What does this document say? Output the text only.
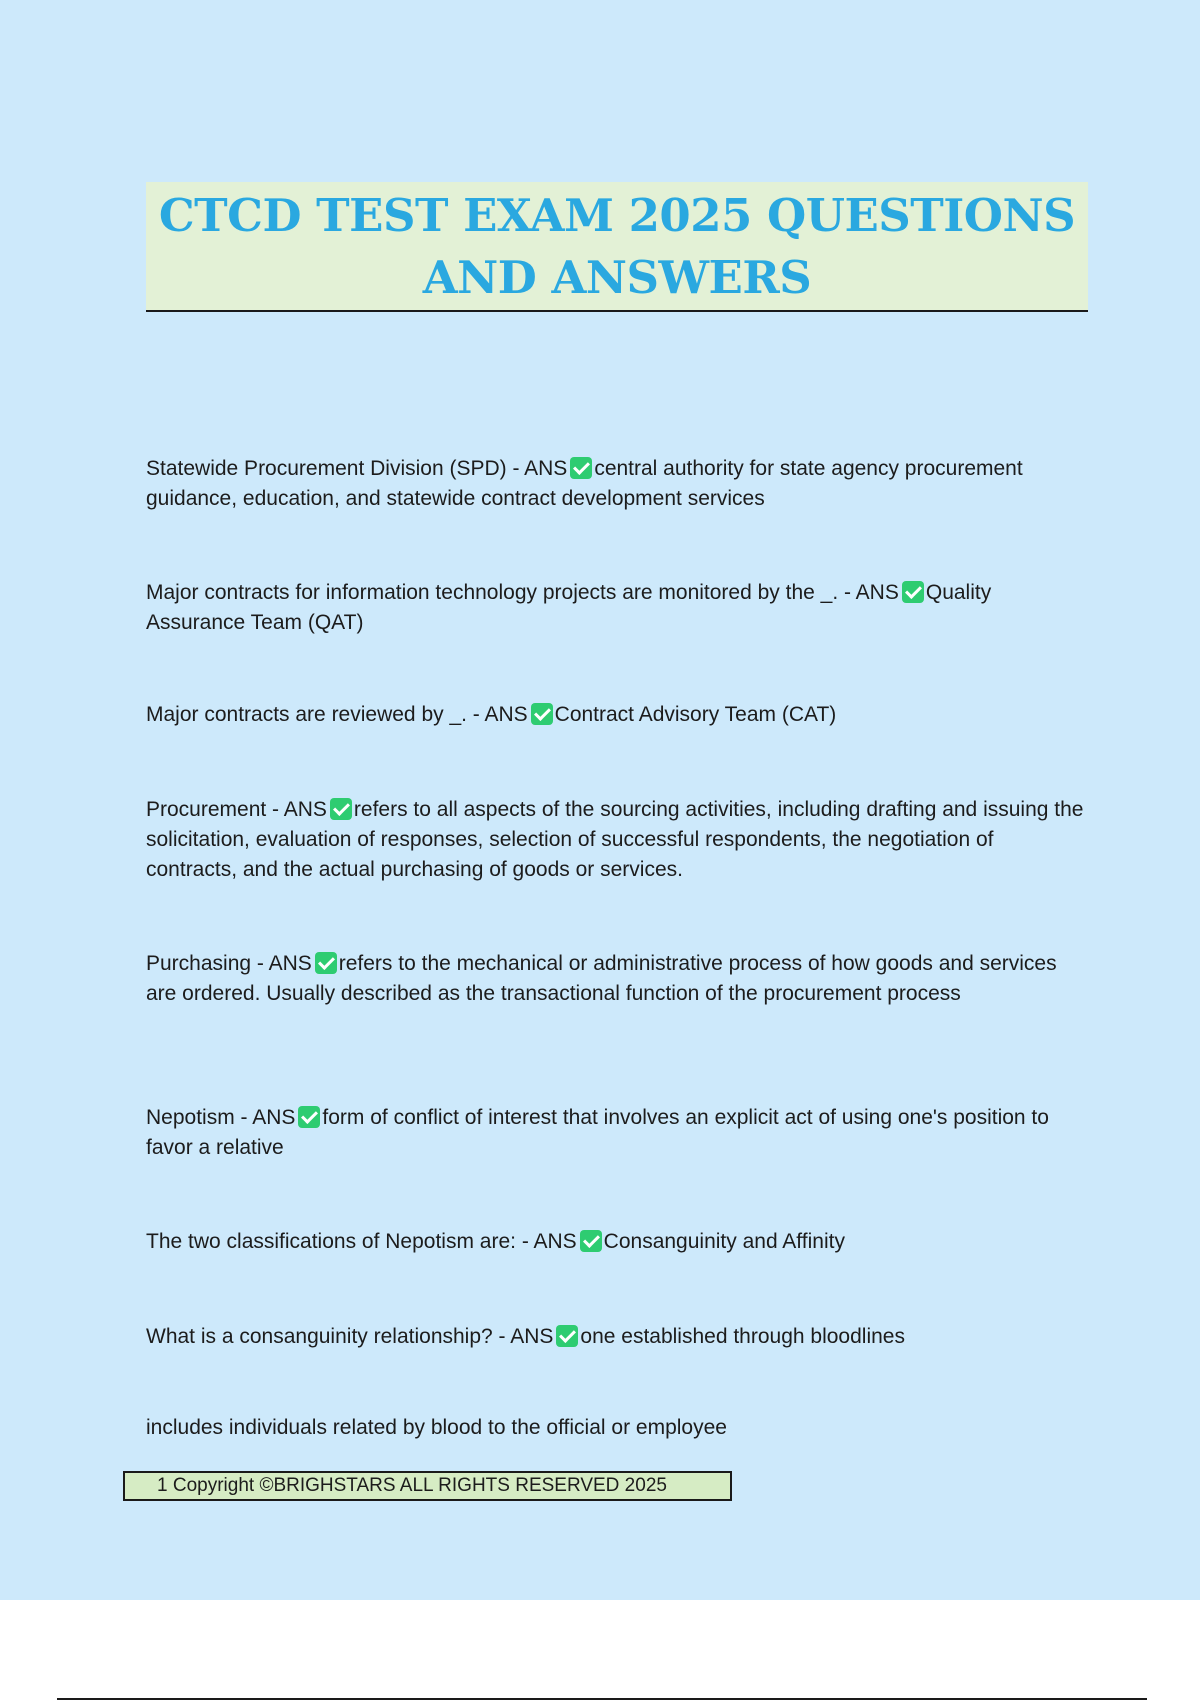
CTCD TEST EXAM 2025 QUESTIONS
AND ANSWERS
Statewide Procurement Division (SPD) - ANS central authority for state agency procurement guidance, education, and statewide contract development services
Major contracts for information technology projects are monitored by the _. - ANS Quality Assurance Team (QAT)
Major contracts are reviewed by _. - ANS Contract Advisory Team (CAT)
Procurement - ANS refers to all aspects of the sourcing activities, including drafting and issuing the solicitation, evaluation of responses, selection of successful respondents, the negotiation of contracts, and the actual purchasing of goods or services.
Purchasing - ANS refers to the mechanical or administrative process of how goods and services are ordered. Usually described as the transactional function of the procurement process
Nepotism - ANS form of conflict of interest that involves an explicit act of using one's position to favor a relative
The two classifications of Nepotism are: - ANS Consanguinity and Affinity
What is a consanguinity relationship? - ANS one established through bloodlines
includes individuals related by blood to the official or employee
1 Copyright ©BRIGHSTARS ALL RIGHTS RESERVED 2025
